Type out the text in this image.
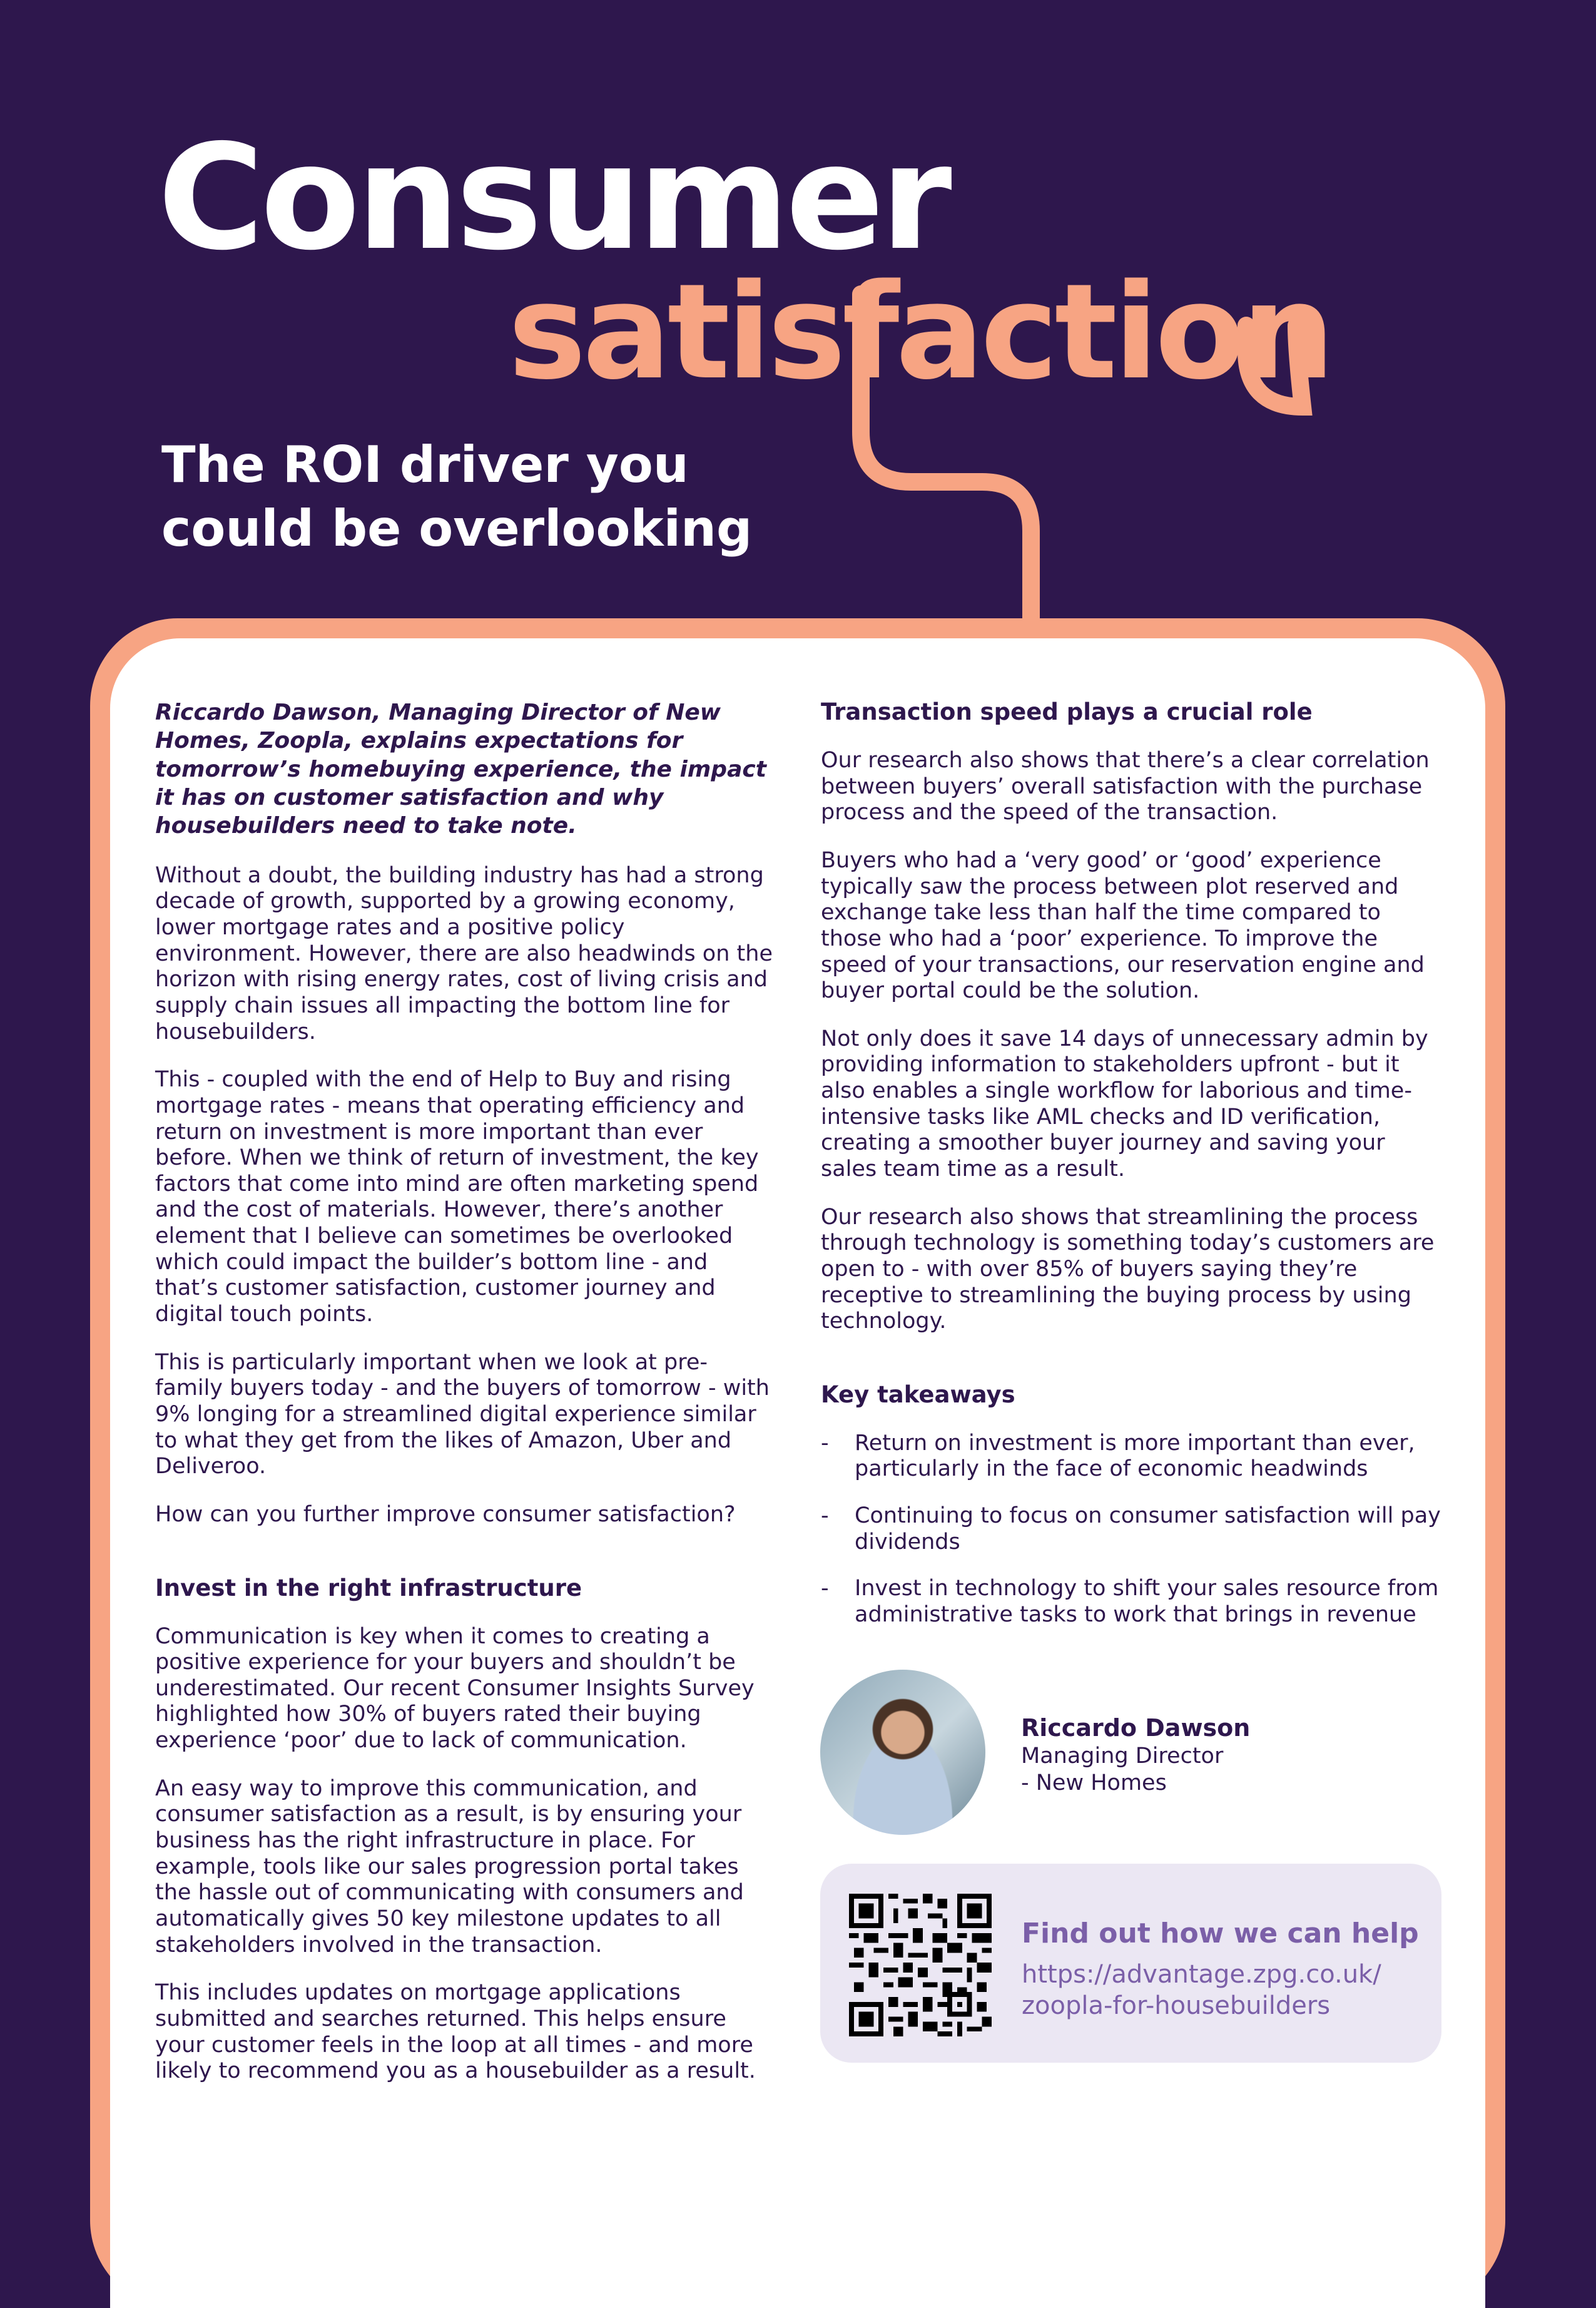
Consumer
satisfaction
The ROI driver you could be overlooking

Riccardo Dawson, Managing Director of New Homes, Zoopla, explains expectations for tomorrow’s homebuying experience, the impact it has on customer satisfaction and why housebuilders need to take note.

Without a doubt, the building industry has had a strong decade of growth, supported by a growing economy, lower mortgage rates and a positive policy environment. However, there are also headwinds on the horizon with rising energy rates, cost of living crisis and supply chain issues all impacting the bottom line for housebuilders.

This - coupled with the end of Help to Buy and rising mortgage rates - means that operating efficiency and return on investment is more important than ever before. When we think of return of investment, the key factors that come into mind are often marketing spend and the cost of materials. However, there’s another element that I believe can sometimes be overlooked which could impact the builder’s bottom line - and that’s customer satisfaction, customer journey and digital touch points.

This is particularly important when we look at pre-family buyers today - and the buyers of tomorrow - with 9% longing for a streamlined digital experience similar to what they get from the likes of Amazon, Uber and Deliveroo.

How can you further improve consumer satisfaction?

Invest in the right infrastructure

Communication is key when it comes to creating a positive experience for your buyers and shouldn’t be underestimated. Our recent Consumer Insights Survey highlighted how 30% of buyers rated their buying experience ‘poor’ due to lack of communication.

An easy way to improve this communication, and consumer satisfaction as a result, is by ensuring your business has the right infrastructure in place. For example, tools like our sales progression portal takes the hassle out of communicating with consumers and automatically gives 50 key milestone updates to all stakeholders involved in the transaction.

This includes updates on mortgage applications submitted and searches returned. This helps ensure your customer feels in the loop at all times - and more likely to recommend you as a housebuilder as a result.

Transaction speed plays a crucial role

Our research also shows that there’s a clear correlation between buyers’ overall satisfaction with the purchase process and the speed of the transaction.

Buyers who had a ‘very good’ or ‘good’ experience typically saw the process between plot reserved and exchange take less than half the time compared to those who had a ‘poor’ experience. To improve the speed of your transactions, our reservation engine and buyer portal could be the solution.

Not only does it save 14 days of unnecessary admin by providing information to stakeholders upfront - but it also enables a single workflow for laborious and time-intensive tasks like AML checks and ID verification, creating a smoother buyer journey and saving your sales team time as a result.

Our research also shows that streamlining the process through technology is something today’s customers are open to - with over 85% of buyers saying they’re receptive to streamlining the buying process by using technology.

Key takeaways

- Return on investment is more important than ever, particularly in the face of economic headwinds
- Continuing to focus on consumer satisfaction will pay dividends
- Invest in technology to shift your sales resource from administrative tasks to work that brings in revenue
Riccardo Dawson
Managing Director
- New Homes
Find out how we can help
https://advantage.zpg.co.uk/
zoopla-for-housebuilders
